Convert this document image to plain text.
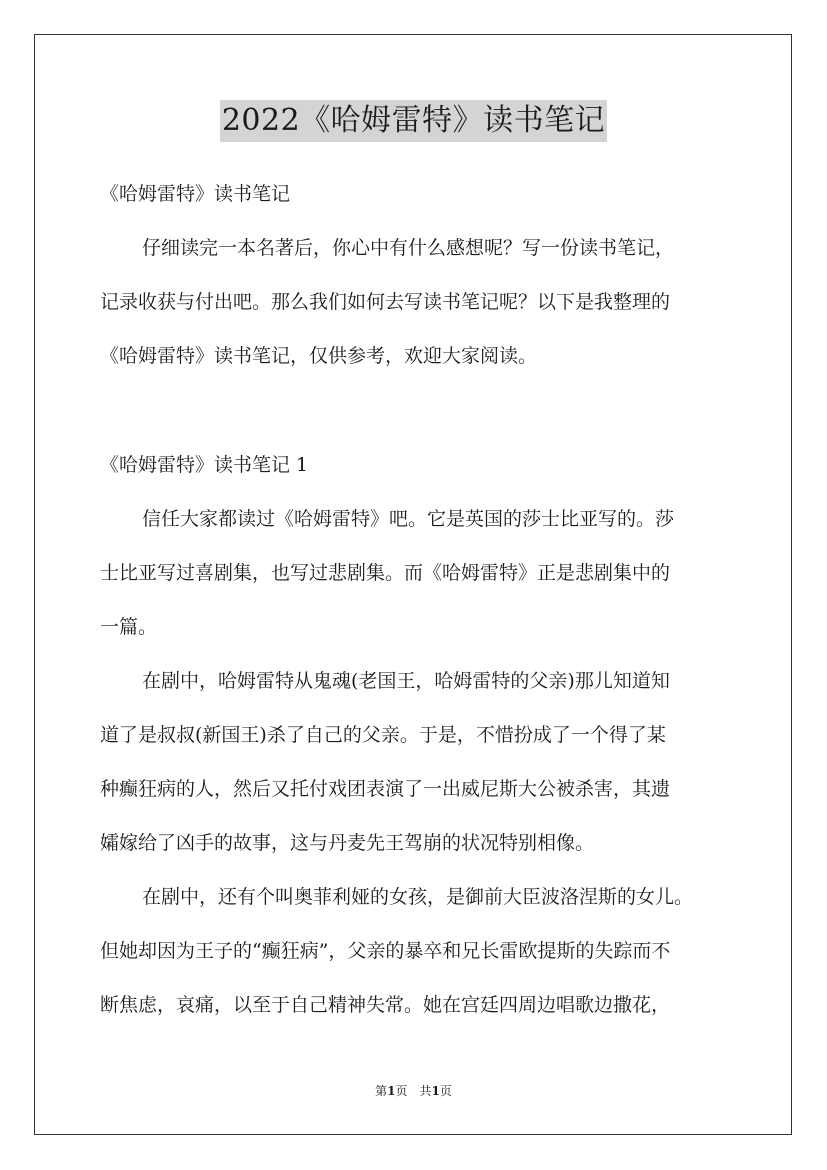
2022《哈姆雷特》读书笔记
《哈姆雷特》读书笔记
仔细读完一本名著后，你心中有什么感想呢？写一份读书笔记，
记录收获与付出吧。那么我们如何去写读书笔记呢？以下是我整理的
《哈姆雷特》读书笔记，仅供参考，欢迎大家阅读。
《哈姆雷特》读书笔记 1
信任大家都读过《哈姆雷特》吧。它是英国的莎士比亚写的。莎
士比亚写过喜剧集，也写过悲剧集。而《哈姆雷特》正是悲剧集中的
一篇。
在剧中，哈姆雷特从鬼魂(老国王，哈姆雷特的父亲)那儿知道知
道了是叔叔(新国王)杀了自己的父亲。于是，不惜扮成了一个得了某
种癫狂病的人，然后又托付戏团表演了一出威尼斯大公被杀害，其遗
孀嫁给了凶手的故事，这与丹麦先王驾崩的状况特别相像。
在剧中，还有个叫奥菲利娅的女孩，是御前大臣波洛涅斯的女儿。
但她却因为王子的“癫狂病”，父亲的暴卒和兄长雷欧提斯的失踪而不
断焦虑，哀痛，以至于自己精神失常。她在宫廷四周边唱歌边撒花，
第1页　共1页
